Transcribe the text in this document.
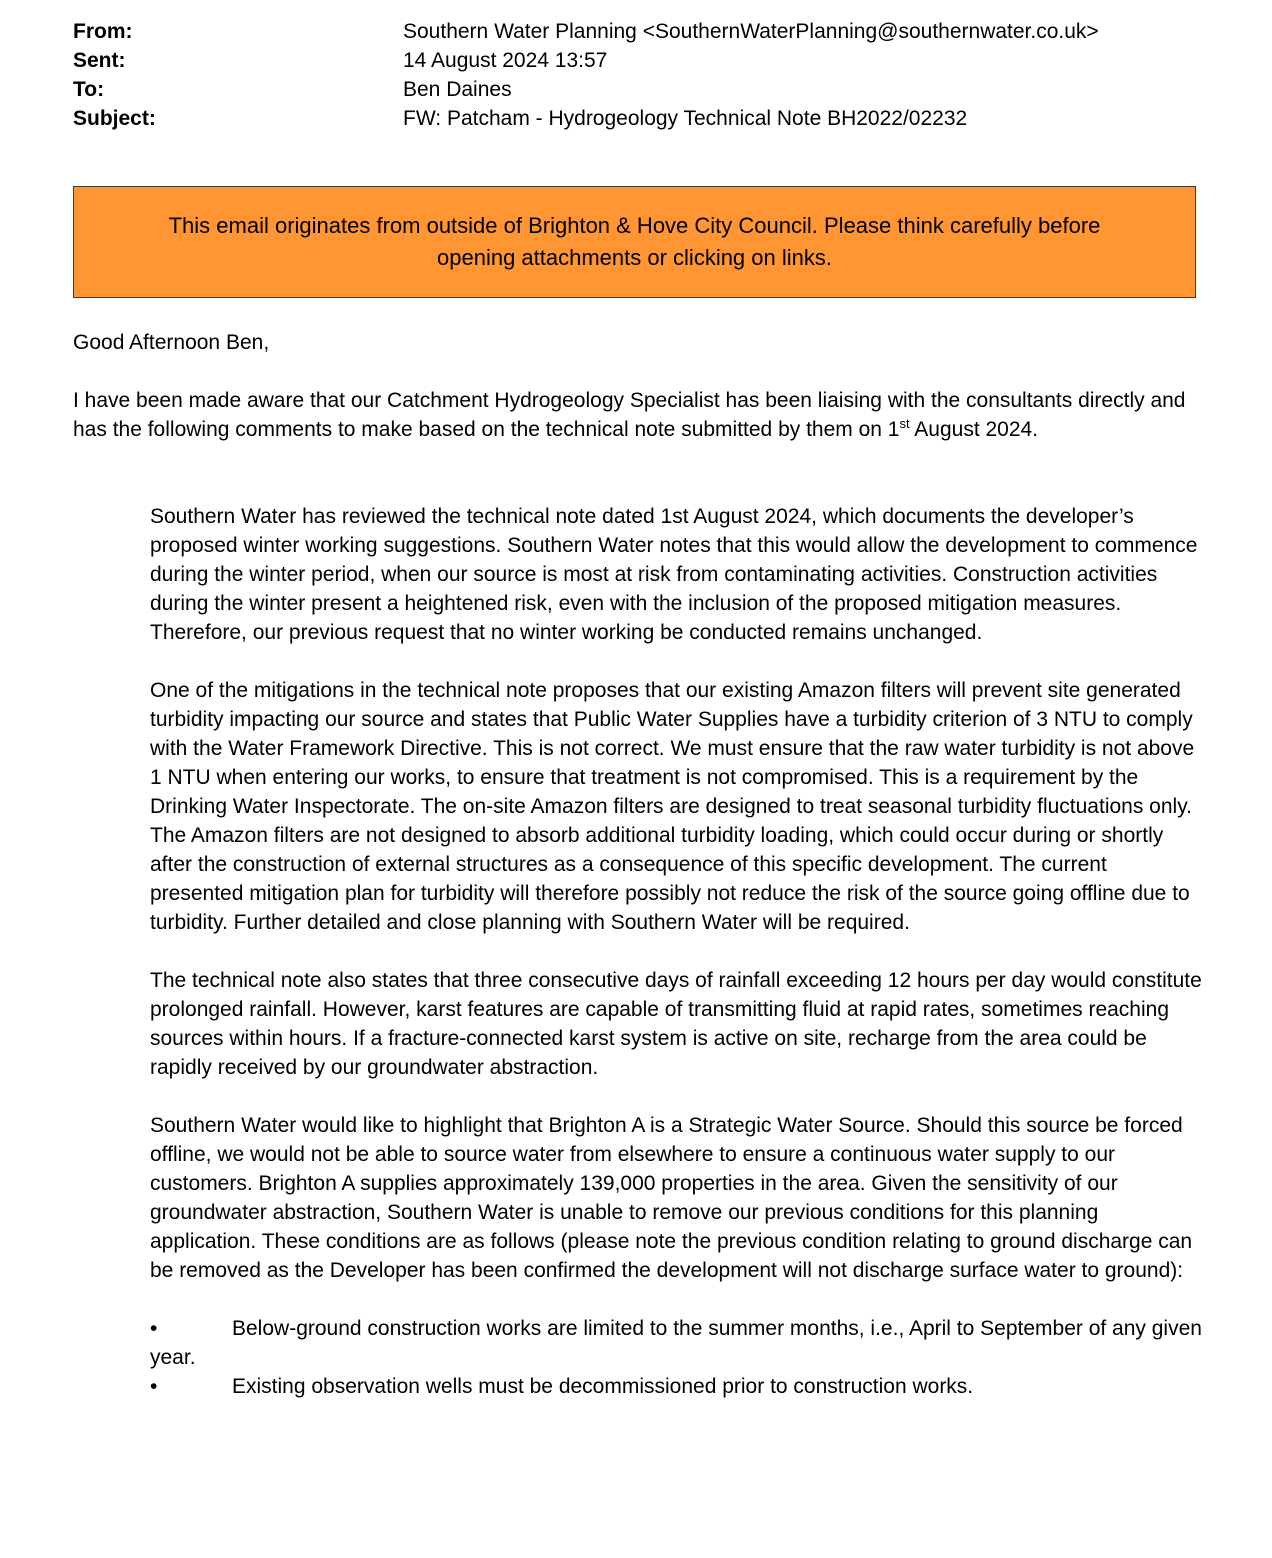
From:	Southern Water Planning <SouthernWaterPlanning@southernwater.co.uk>
Sent:	14 August 2024 13:57
To:	Ben Daines
Subject:	FW: Patcham - Hydrogeology Technical Note BH2022/02232
This email originates from outside of Brighton & Hove City Council. Please think carefully before opening attachments or clicking on links.
Good Afternoon Ben,
I have been made aware that our Catchment Hydrogeology Specialist has been liaising with the consultants directly and has the following comments to make based on the technical note submitted by them on 1st August 2024.

Southern Water has reviewed the technical note dated 1st August 2024, which documents the developer’s proposed winter working suggestions. Southern Water notes that this would allow the development to commence during the winter period, when our source is most at risk from contaminating activities. Construction activities during the winter present a heightened risk, even with the inclusion of the proposed mitigation measures. Therefore, our previous request that no winter working be conducted remains unchanged.

One of the mitigations in the technical note proposes that our existing Amazon filters will prevent site generated turbidity impacting our source and states that Public Water Supplies have a turbidity criterion of 3 NTU to comply with the Water Framework Directive. This is not correct. We must ensure that the raw water turbidity is not above 1 NTU when entering our works, to ensure that treatment is not compromised. This is a requirement by the Drinking Water Inspectorate. The on-site Amazon filters are designed to treat seasonal turbidity fluctuations only. The Amazon filters are not designed to absorb additional turbidity loading, which could occur during or shortly after the construction of external structures as a consequence of this specific development. The current presented mitigation plan for turbidity will therefore possibly not reduce the risk of the source going offline due to turbidity. Further detailed and close planning with Southern Water will be required.

The technical note also states that three consecutive days of rainfall exceeding 12 hours per day would constitute prolonged rainfall. However, karst features are capable of transmitting fluid at rapid rates, sometimes reaching sources within hours. If a fracture-connected karst system is active on site, recharge from the area could be rapidly received by our groundwater abstraction.

Southern Water would like to highlight that Brighton A is a Strategic Water Source. Should this source be forced offline, we would not be able to source water from elsewhere to ensure a continuous water supply to our customers. Brighton A supplies approximately 139,000 properties in the area. Given the sensitivity of our groundwater abstraction, Southern Water is unable to remove our previous conditions for this planning application. These conditions are as follows (please note the previous condition relating to ground discharge can be removed as the Developer has been confirmed the development will not discharge surface water to ground):

•	Below-ground construction works are limited to the summer months, i.e., April to September of any given year.
•	Existing observation wells must be decommissioned prior to construction works.
